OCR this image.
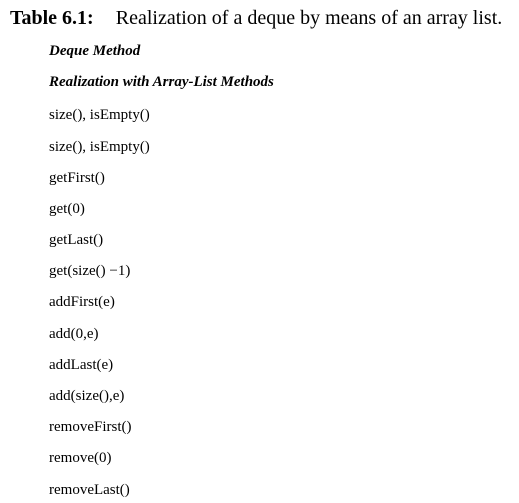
Table 6.1: Realization of a deque by means of an array list.
Deque Method
Realization with Array-List Methods
size(), isEmpty()
size(), isEmpty()
getFirst()
get(0)
getLast()
get(size() −1)
addFirst(e)
add(0,e)
addLast(e)
add(size(),e)
removeFirst()
remove(0)
removeLast()
